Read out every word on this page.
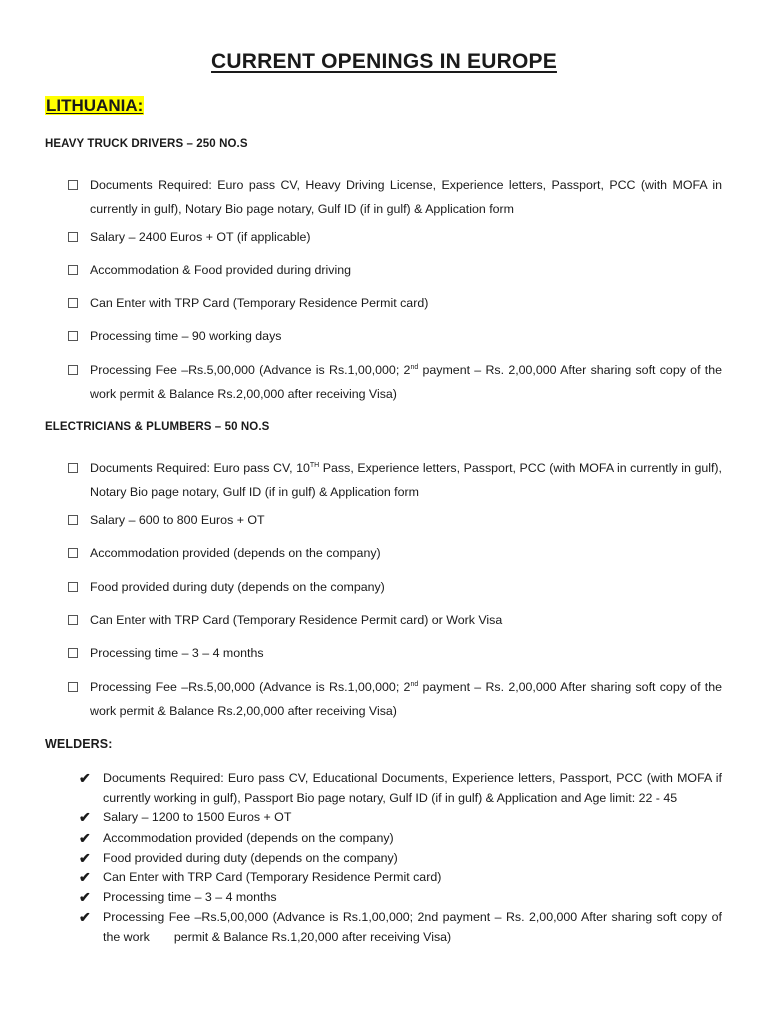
CURRENT OPENINGS IN EUROPE
LITHUANIA:
HEAVY TRUCK DRIVERS – 250 NO.S
Documents Required: Euro pass CV, Heavy Driving License, Experience letters, Passport, PCC (with MOFA in currently in gulf), Notary Bio page notary, Gulf ID (if in gulf) & Application form
Salary – 2400 Euros + OT (if applicable)
Accommodation & Food provided during driving
Can Enter with TRP Card (Temporary Residence Permit card)
Processing time – 90 working days
Processing Fee –Rs.5,00,000 (Advance is Rs.1,00,000; 2nd payment – Rs. 2,00,000 After sharing soft copy of the work permit & Balance Rs.2,00,000 after receiving Visa)
ELECTRICIANS & PLUMBERS – 50 NO.S
Documents Required: Euro pass CV, 10TH Pass, Experience letters, Passport, PCC (with MOFA in currently in gulf), Notary Bio page notary, Gulf ID (if in gulf) & Application form
Salary – 600 to 800 Euros + OT
Accommodation provided (depends on the company)
Food provided during duty (depends on the company)
Can Enter with TRP Card (Temporary Residence Permit card) or Work Visa
Processing time – 3 – 4 months
Processing Fee –Rs.5,00,000 (Advance is Rs.1,00,000; 2nd payment – Rs. 2,00,000 After sharing soft copy of the work permit & Balance Rs.2,00,000 after receiving Visa)
WELDERS:
✔ Documents Required: Euro pass CV, Educational Documents, Experience letters, Passport, PCC (with MOFA if currently working in gulf), Passport Bio page notary, Gulf ID (if in gulf) & Application and Age limit: 22 - 45
✔ Salary – 1200 to 1500 Euros + OT
✔ Accommodation provided (depends on the company)
✔ Food provided during duty (depends on the company)
✔ Can Enter with TRP Card (Temporary Residence Permit card)
✔ Processing time – 3 – 4 months
✔ Processing Fee –Rs.5,00,000 (Advance is Rs.1,00,000; 2nd payment – Rs. 2,00,000 After sharing soft copy of the work permit & Balance Rs.1,20,000 after receiving Visa)
